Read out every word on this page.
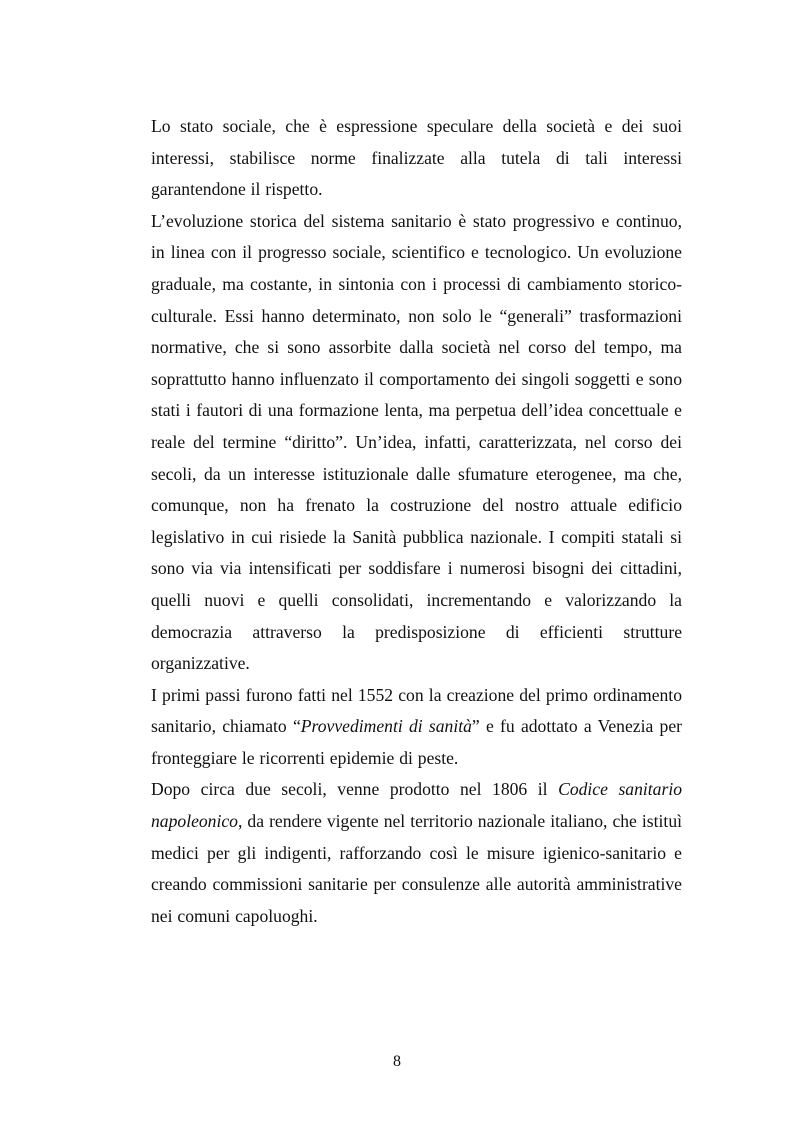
Lo stato sociale, che è espressione speculare della società e dei suoi interessi, stabilisce norme finalizzate alla tutela di tali interessi garantendone il rispetto.

L’evoluzione storica del sistema sanitario è stato progressivo e continuo, in linea con il progresso sociale, scientifico e tecnologico. Un evoluzione graduale, ma costante, in sintonia con i processi di cambiamento storico-culturale. Essi hanno determinato, non solo le “generali” trasformazioni normative, che si sono assorbite dalla società nel corso del tempo, ma soprattutto hanno influenzato il comportamento dei singoli soggetti e sono stati i fautori di una formazione lenta, ma perpetua dell’idea concettuale e reale del termine “diritto”. Un’idea, infatti, caratterizzata, nel corso dei secoli, da un interesse istituzionale dalle sfumature eterogenee, ma che, comunque, non ha frenato la costruzione del nostro attuale edificio legislativo in cui risiede la Sanità pubblica nazionale. I compiti statali si sono via via intensificati per soddisfare i numerosi bisogni dei cittadini, quelli nuovi e quelli consolidati, incrementando e valorizzando la democrazia attraverso la predisposizione di efficienti strutture organizzative.

I primi passi furono fatti nel 1552 con la creazione del primo ordinamento sanitario, chiamato “Provvedimenti di sanità” e fu adottato a Venezia per fronteggiare le ricorrenti epidemie di peste.

Dopo circa due secoli, venne prodotto nel 1806 il Codice sanitario napoleonico, da rendere vigente nel territorio nazionale italiano, che istituì medici per gli indigenti, rafforzando così le misure igienico-sanitario e creando commissioni sanitarie per consulenze alle autorità amministrative nei comuni capoluoghi.

8
